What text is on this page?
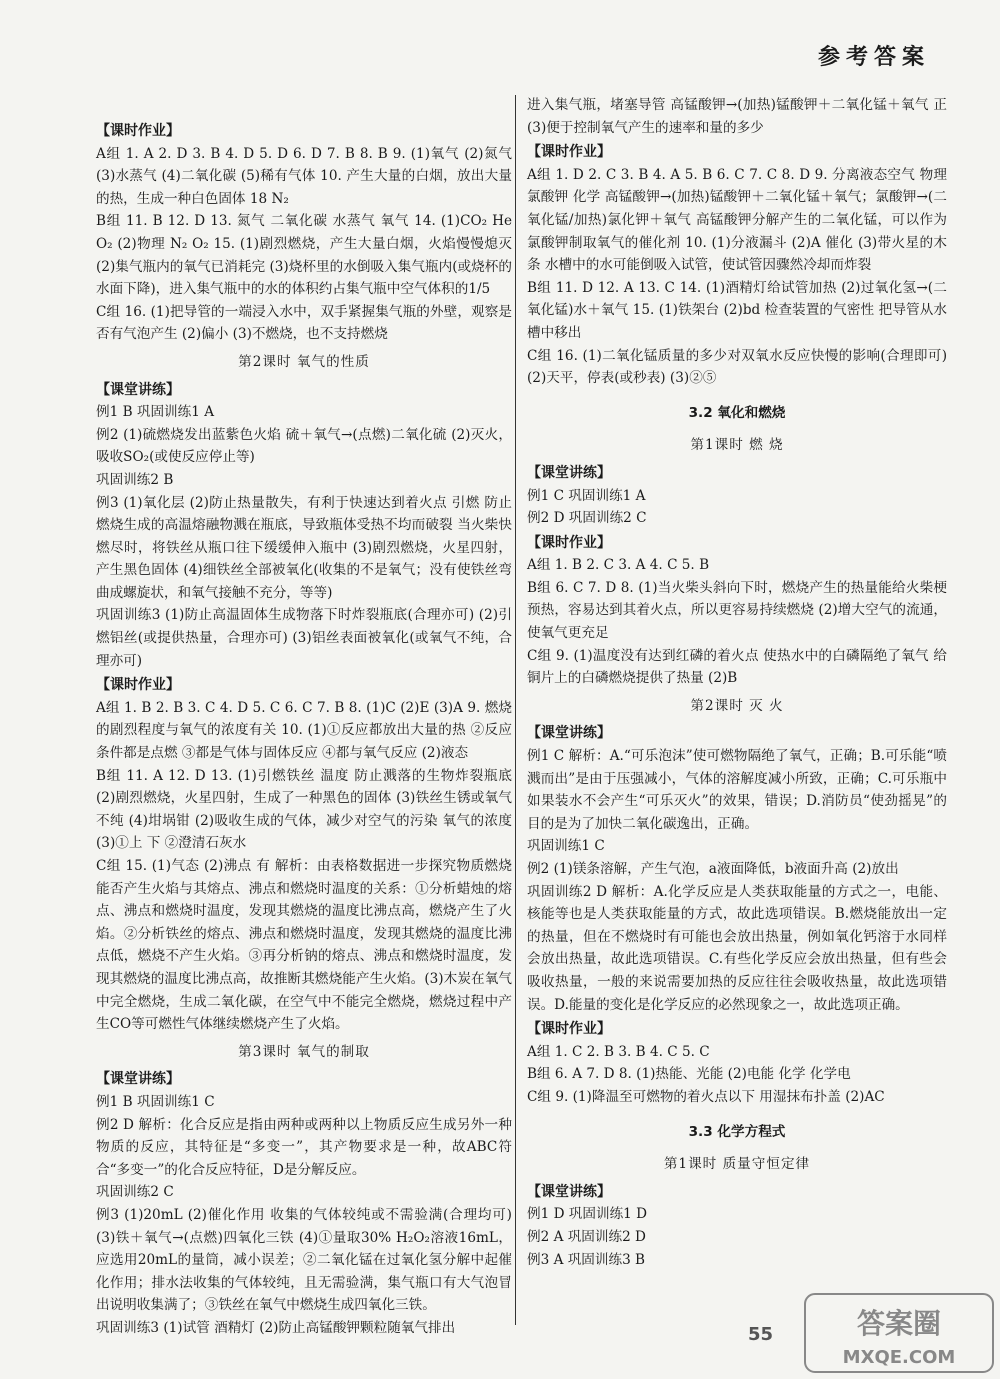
参考答案
【课时作业】
A组 1. A 2. D 3. B 4. D 5. D 6. D 7. B 8. B 9. (1)氧气 (2)氮气 (3)水蒸气 (4)二氧化碳 (5)稀有气体 10. 产生大量的白烟，放出大量的热，生成一种白色固体 18 N₂
B组 11. B 12. D 13. 氮气 二氧化碳 水蒸气 氧气 14. (1)CO₂ He O₂ (2)物理 N₂ O₂ 15. (1)剧烈燃烧，产生大量白烟，火焰慢慢熄灭 (2)集气瓶内的氧气已消耗完 (3)烧杯里的水倒吸入集气瓶内(或烧杯的水面下降)，进入集气瓶中的水的体积约占集气瓶中空气体积的1/5
C组 16. (1)把导管的一端浸入水中，双手紧握集气瓶的外壁，观察是否有气泡产生 (2)偏小 (3)不燃烧，也不支持燃烧
第2课时 氧气的性质
【课堂讲练】
例1 B 巩固训练1 A
例2 (1)硫燃烧发出蓝紫色火焰 硫＋氧气→(点燃)二氧化硫 (2)灭火，吸收SO₂(或使反应停止等)
巩固训练2 B
例3 (1)氧化层 (2)防止热量散失，有利于快速达到着火点 引燃 防止燃烧生成的高温熔融物溅在瓶底，导致瓶体受热不均而破裂 当火柴快燃尽时，将铁丝从瓶口往下缓缓伸入瓶中 (3)剧烈燃烧，火星四射，产生黑色固体 (4)细铁丝全部被氧化(收集的不是氧气；没有使铁丝弯曲成螺旋状，和氧气接触不充分，等等)
巩固训练3 (1)防止高温固体生成物落下时炸裂瓶底(合理亦可) (2)引燃铝丝(或提供热量，合理亦可) (3)铝丝表面被氧化(或氧气不纯，合理亦可)
【课时作业】
A组 1. B 2. B 3. C 4. D 5. C 6. C 7. B 8. (1)C (2)E (3)A 9. 燃烧的剧烈程度与氧气的浓度有关 10. (1)①反应都放出大量的热 ②反应条件都是点燃 ③都是气体与固体反应 ④都与氧气反应 (2)液态
B组 11. A 12. D 13. (1)引燃铁丝 温度 防止溅落的生物炸裂瓶底 (2)剧烈燃烧，火星四射，生成了一种黑色的固体 (3)铁丝生锈或氧气不纯 (4)坩埚钳 (2)吸收生成的气体，减少对空气的污染 氧气的浓度 (3)①上 下 ②澄清石灰水
C组 15. (1)气态 (2)沸点 有 解析：由表格数据进一步探究物质燃烧能否产生火焰与其熔点、沸点和燃烧时温度的关系：①分析蜡烛的熔点、沸点和燃烧时温度，发现其燃烧的温度比沸点高，燃烧产生了火焰。②分析铁丝的熔点、沸点和燃烧时温度，发现其燃烧的温度比沸点低，燃烧不产生火焰。③再分析钠的熔点、沸点和燃烧时温度，发现其燃烧的温度比沸点高，故推断其燃烧能产生火焰。(3)木炭在氧气中完全燃烧，生成二氧化碳，在空气中不能完全燃烧，燃烧过程中产生CO等可燃性气体继续燃烧产生了火焰。
第3课时 氧气的制取
【课堂讲练】
例1 B 巩固训练1 C
例2 D 解析：化合反应是指由两种或两种以上物质反应生成另外一种物质的反应，其特征是“多变一”，其产物要求是一种，故ABC符合“多变一”的化合反应特征，D是分解反应。
巩固训练2 C
例3 (1)20mL (2)催化作用 收集的气体较纯或不需验满(合理均可) (3)铁＋氧气→(点燃)四氧化三铁 (4)①量取30% H₂O₂溶液16mL，应选用20mL的量筒，减小误差；②二氧化锰在过氧化氢分解中起催化作用；排水法收集的气体较纯，且无需验满，集气瓶口有大气泡冒出说明收集满了；③铁丝在氧气中燃烧生成四氧化三铁。
巩固训练3 (1)试管 酒精灯 (2)防止高锰酸钾颗粒随氧气排出
进入集气瓶，堵塞导管 高锰酸钾→(加热)锰酸钾＋二氧化锰＋氧气 正 (3)便于控制氧气产生的速率和量的多少
【课时作业】
A组 1. D 2. C 3. B 4. A 5. B 6. C 7. C 8. D 9. 分离液态空气 物理 氯酸钾 化学 高锰酸钾→(加热)锰酸钾＋二氧化锰＋氧气；氯酸钾→(二氧化锰/加热)氯化钾＋氧气 高锰酸钾分解产生的二氧化锰，可以作为氯酸钾制取氧气的催化剂 10. (1)分液漏斗 (2)A 催化 (3)带火星的木条 水槽中的水可能倒吸入试管，使试管因骤然冷却而炸裂
B组 11. D 12. A 13. C 14. (1)酒精灯给试管加热 (2)过氧化氢→(二氧化锰)水＋氧气 15. (1)铁架台 (2)bd 检查装置的气密性 把导管从水槽中移出
C组 16. (1)二氧化锰质量的多少对双氧水反应快慢的影响(合理即可) (2)天平，停表(或秒表) (3)②⑤
3.2 氧化和燃烧
第1课时 燃 烧
【课堂讲练】
例1 C 巩固训练1 A
例2 D 巩固训练2 C
【课时作业】
A组 1. B 2. C 3. A 4. C 5. B
B组 6. C 7. D 8. (1)当火柴头斜向下时，燃烧产生的热量能给火柴梗预热，容易达到其着火点，所以更容易持续燃烧 (2)增大空气的流通，使氧气更充足
C组 9. (1)温度没有达到红磷的着火点 使热水中的白磷隔绝了氧气 给铜片上的白磷燃烧提供了热量 (2)B
第2课时 灭 火
【课堂讲练】
例1 C 解析：A.“可乐泡沫”使可燃物隔绝了氧气，正确；B.可乐能“喷溅而出”是由于压强减小，气体的溶解度减小所致，正确；C.可乐瓶中如果装水不会产生“可乐灭火”的效果，错误；D.消防员“使劲摇晃”的目的是为了加快二氧化碳逸出，正确。
巩固训练1 C
例2 (1)镁条溶解，产生气泡，a液面降低，b液面升高 (2)放出
巩固训练2 D 解析：A.化学反应是人类获取能量的方式之一，电能、核能等也是人类获取能量的方式，故此选项错误。B.燃烧能放出一定的热量，但在不燃烧时有可能也会放出热量，例如氧化钙溶于水同样会放出热量，故此选项错误。C.有些化学反应会放出热量，但有些会吸收热量，一般的来说需要加热的反应往往会吸收热量，故此选项错误。D.能量的变化是化学反应的必然现象之一，故此选项正确。
【课时作业】
A组 1. C 2. B 3. B 4. C 5. C
B组 6. A 7. D 8. (1)热能、光能 (2)电能 化学 化学电
C组 9. (1)降温至可燃物的着火点以下 用湿抹布扑盖 (2)AC
3.3 化学方程式
第1课时 质量守恒定律
【课堂讲练】
例1 D 巩固训练1 D
例2 A 巩固训练2 D
例3 A 巩固训练3 B
55	答案圈
MXQE.COM
